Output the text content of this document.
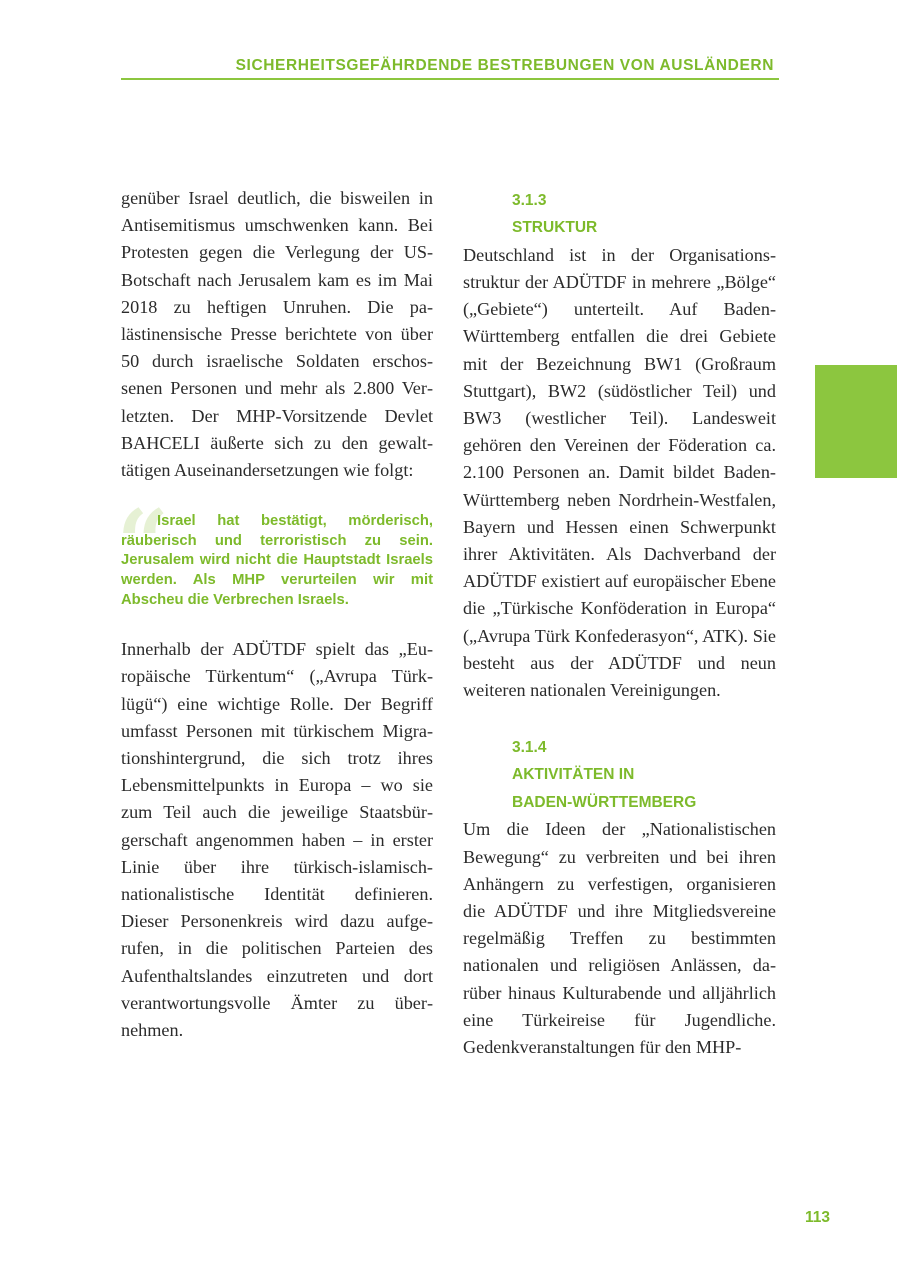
SICHERHEITSGEFÄHRDENDE BESTREBUNGEN VON AUSLÄNDERN

genüber Israel deutlich, die bisweilen in Antisemitismus umschwenken kann. Bei Protesten gegen die Verlegung der US-Botschaft nach Jerusalem kam es im Mai 2018 zu heftigen Unruhen. Die palästinensische Presse berichtete von über 50 durch israelische Soldaten erschossenen Personen und mehr als 2.800 Verletzten. Der MHP-Vorsitzende Devlet BAHCELI äußerte sich zu den gewalttätigen Auseinandersetzungen wie folgt:

“

Israel hat bestätigt, mörderisch, räuberisch und terroristisch zu sein. Jerusalem wird nicht die Hauptstadt Israels werden. Als MHP verurteilen wir mit Abscheu die Verbrechen Israels.

Innerhalb der ADÜTDF spielt das „Europäische Türkentum“ („Avrupa Türklügü“) eine wichtige Rolle. Der Begriff umfasst Personen mit türkischem Migrationshintergrund, die sich trotz ihres Lebensmittelpunkts in Europa – wo sie zum Teil auch die jeweilige Staatsbürgerschaft angenommen haben – in erster Linie über ihre türkisch-islamisch-nationalistische Identität definieren. Dieser Personenkreis wird dazu aufgerufen, in die politischen Parteien des Aufenthaltslandes einzutreten und dort verantwortungsvolle Ämter zu übernehmen.

3.1.3
STRUKTUR

Deutschland ist in der Organisationsstruktur der ADÜTDF in mehrere „Bölge“ („Gebiete“) unterteilt. Auf Baden-Württemberg entfallen die drei Gebiete mit der Bezeichnung BW1 (Großraum Stuttgart), BW2 (südöstlicher Teil) und BW3 (westlicher Teil). Landesweit gehören den Vereinen der Föderation ca. 2.100 Personen an. Damit bildet Baden-Württemberg neben Nordrhein-Westfalen, Bayern und Hessen einen Schwerpunkt ihrer Aktivitäten. Als Dachverband der ADÜTDF existiert auf europäischer Ebene die „Türkische Konföderation in Europa“ („Avrupa Türk Konfederasyon“, ATK). Sie besteht aus der ADÜTDF und neun weiteren nationalen Vereinigungen.

3.1.4
AKTIVITÄTEN IN
BADEN-WÜRTTEMBERG

Um die Ideen der „Nationalistischen Bewegung“ zu verbreiten und bei ihren Anhängern zu verfestigen, organisieren die ADÜTDF und ihre Mitgliedsvereine regelmäßig Treffen zu bestimmten nationalen und religiösen Anlässen, darüber hinaus Kulturabende und alljährlich eine Türkeireise für Jugendliche. Gedenkveranstaltungen für den MHP-

113
